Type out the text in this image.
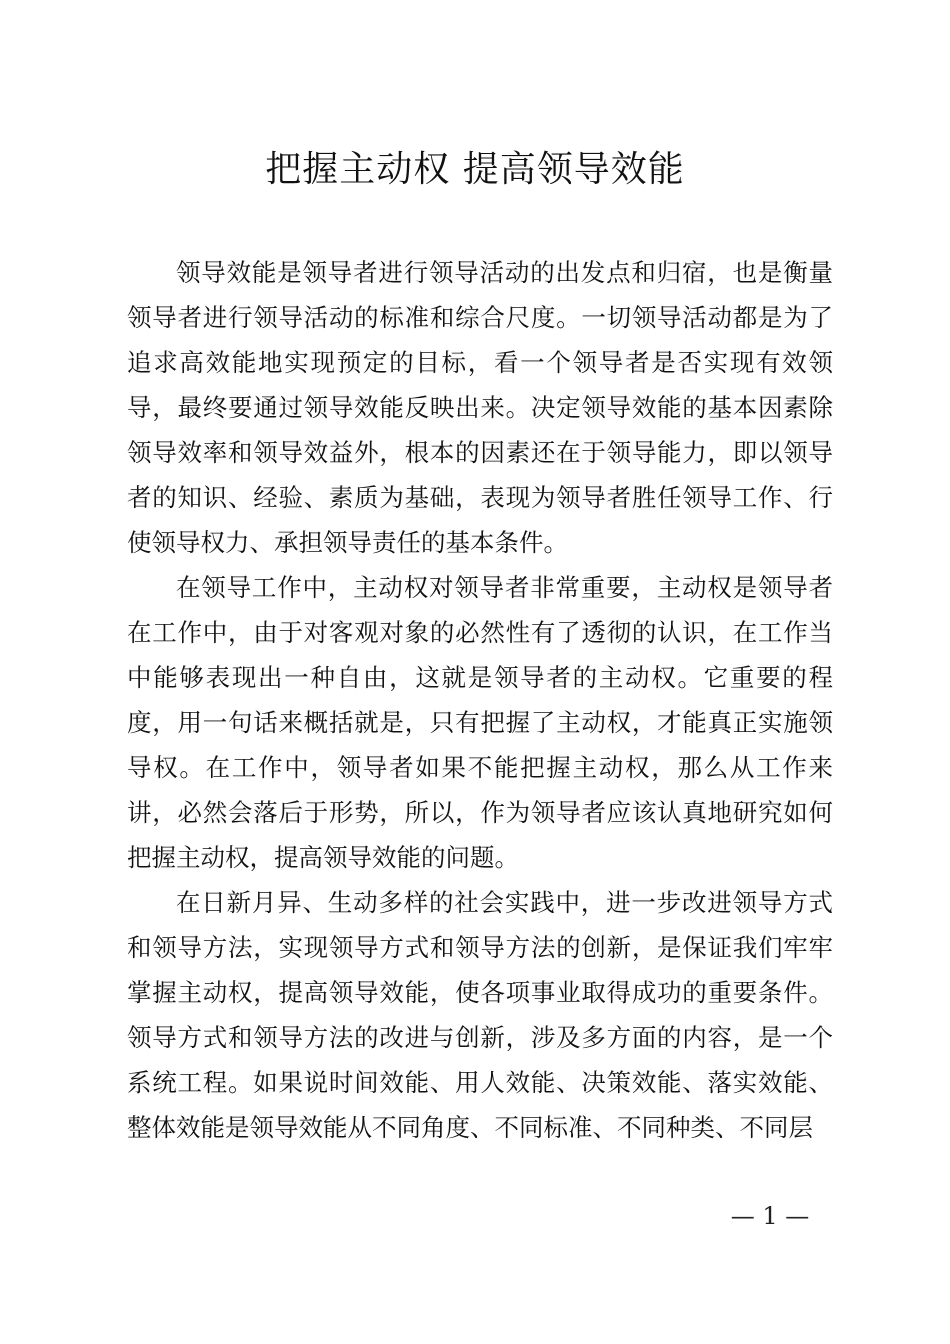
把握主动权 提高领导效能

领导效能是领导者进行领导活动的出发点和归宿，也是衡量领导者进行领导活动的标准和综合尺度。一切领导活动都是为了追求高效能地实现预定的目标，看一个领导者是否实现有效领导，最终要通过领导效能反映出来。决定领导效能的基本因素除领导效率和领导效益外，根本的因素还在于领导能力，即以领导者的知识、经验、素质为基础，表现为领导者胜任领导工作、行使领导权力、承担领导责任的基本条件。

在领导工作中，主动权对领导者非常重要，主动权是领导者在工作中，由于对客观对象的必然性有了透彻的认识，在工作当中能够表现出一种自由，这就是领导者的主动权。它重要的程度，用一句话来概括就是，只有把握了主动权，才能真正实施领导权。在工作中，领导者如果不能把握主动权，那么从工作来讲，必然会落后于形势，所以，作为领导者应该认真地研究如何把握主动权，提高领导效能的问题。

在日新月异、生动多样的社会实践中，进一步改进领导方式和领导方法，实现领导方式和领导方法的创新，是保证我们牢牢掌握主动权，提高领导效能，使各项事业取得成功的重要条件。领导方式和领导方法的改进与创新，涉及多方面的内容，是一个系统工程。如果说时间效能、用人效能、决策效能、落实效能、整体效能是领导效能从不同角度、不同标准、不同种类、不同层

— 1 —
